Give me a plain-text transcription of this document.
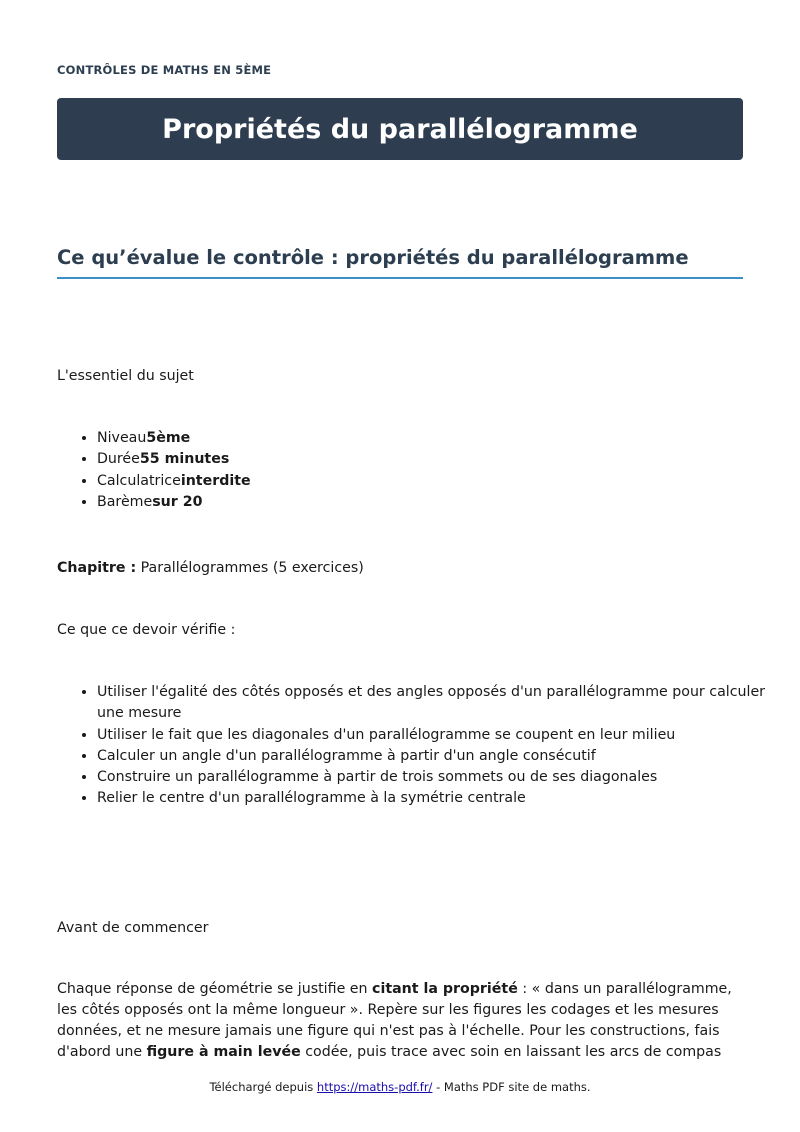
CONTRÔLES DE MATHS EN 5ÈME
Propriétés du parallélogramme
Ce qu’évalue le contrôle : propriétés du parallélogramme

L'essentiel du sujet

• Niveau5ème
• Durée55 minutes
• Calculatriceinterdite
• Barèmesur 20

Chapitre : Parallélogrammes (5 exercices)

Ce que ce devoir vérifie :

• Utiliser l'égalité des côtés opposés et des angles opposés d'un parallélogramme pour calculer une mesure
• Utiliser le fait que les diagonales d'un parallélogramme se coupent en leur milieu
• Calculer un angle d'un parallélogramme à partir d'un angle consécutif
• Construire un parallélogramme à partir de trois sommets ou de ses diagonales
• Relier le centre d'un parallélogramme à la symétrie centrale

Avant de commencer

Chaque réponse de géométrie se justifie en citant la propriété : « dans un parallélogramme, les côtés opposés ont la même longueur ». Repère sur les figures les codages et les mesures données, et ne mesure jamais une figure qui n'est pas à l'échelle. Pour les constructions, fais d'abord une figure à main levée codée, puis trace avec soin en laissant les arcs de compas

Téléchargé depuis https://maths-pdf.fr/ - Maths PDF site de maths.
